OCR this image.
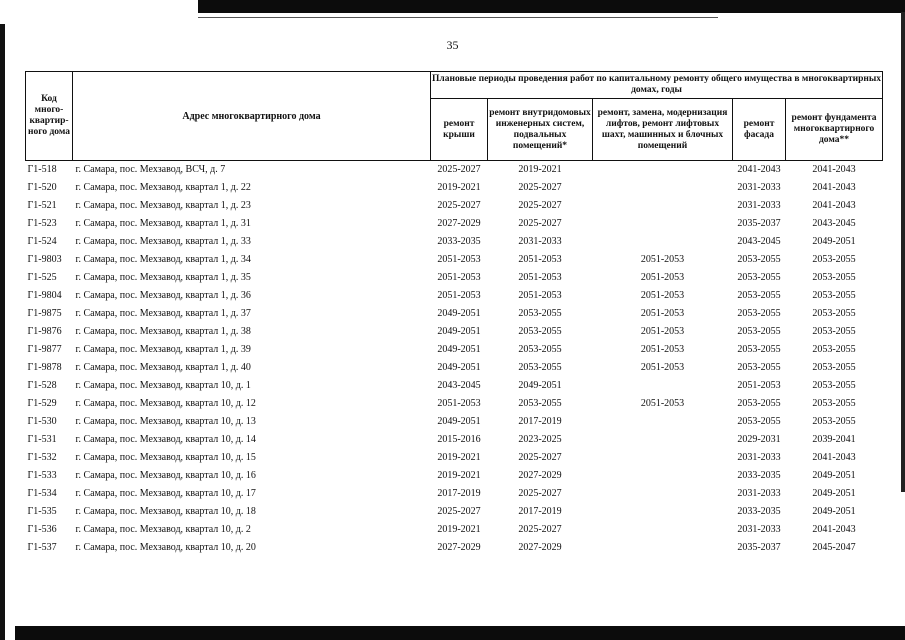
35
Код много-квартир-ного дома	Адрес многоквартирного дома	Плановые периоды проведения работ по капитальному ремонту общего имущества в многоквартирных домах, годы				
		ремонт крыши	ремонт внутридомовых инженерных систем, подвальных помещений*	ремонт, замена, модернизация лифтов, ремонт лифтовых шахт, машинных и блочных помещений	ремонт фасада	ремонт фундамента многоквартирного дома**
Г1-518	г. Самара, пос. Мехзавод, ВСЧ, д. 7	2025-2027	2019-2021		2041-2043	2041-2043
Г1-520	г. Самара, пос. Мехзавод, квартал 1, д. 22	2019-2021	2025-2027		2031-2033	2041-2043
Г1-521	г. Самара, пос. Мехзавод, квартал 1, д. 23	2025-2027	2025-2027		2031-2033	2041-2043
Г1-523	г. Самара, пос. Мехзавод, квартал 1, д. 31	2027-2029	2025-2027		2035-2037	2043-2045
Г1-524	г. Самара, пос. Мехзавод, квартал 1, д. 33	2033-2035	2031-2033		2043-2045	2049-2051
Г1-9803	г. Самара, пос. Мехзавод, квартал 1, д. 34	2051-2053	2051-2053	2051-2053	2053-2055	2053-2055
Г1-525	г. Самара, пос. Мехзавод, квартал 1, д. 35	2051-2053	2051-2053	2051-2053	2053-2055	2053-2055
Г1-9804	г. Самара, пос. Мехзавод, квартал 1, д. 36	2051-2053	2051-2053	2051-2053	2053-2055	2053-2055
Г1-9875	г. Самара, пос. Мехзавод, квартал 1, д. 37	2049-2051	2053-2055	2051-2053	2053-2055	2053-2055
Г1-9876	г. Самара, пос. Мехзавод, квартал 1, д. 38	2049-2051	2053-2055	2051-2053	2053-2055	2053-2055
Г1-9877	г. Самара, пос. Мехзавод, квартал 1, д. 39	2049-2051	2053-2055	2051-2053	2053-2055	2053-2055
Г1-9878	г. Самара, пос. Мехзавод, квартал 1, д. 40	2049-2051	2053-2055	2051-2053	2053-2055	2053-2055
Г1-528	г. Самара, пос. Мехзавод, квартал 10, д. 1	2043-2045	2049-2051		2051-2053	2053-2055
Г1-529	г. Самара, пос. Мехзавод, квартал 10, д. 12	2051-2053	2053-2055	2051-2053	2053-2055	2053-2055
Г1-530	г. Самара, пос. Мехзавод, квартал 10, д. 13	2049-2051	2017-2019		2053-2055	2053-2055
Г1-531	г. Самара, пос. Мехзавод, квартал 10, д. 14	2015-2016	2023-2025		2029-2031	2039-2041
Г1-532	г. Самара, пос. Мехзавод, квартал 10, д. 15	2019-2021	2025-2027		2031-2033	2041-2043
Г1-533	г. Самара, пос. Мехзавод, квартал 10, д. 16	2019-2021	2027-2029		2033-2035	2049-2051
Г1-534	г. Самара, пос. Мехзавод, квартал 10, д. 17	2017-2019	2025-2027		2031-2033	2049-2051
Г1-535	г. Самара, пос. Мехзавод, квартал 10, д. 18	2025-2027	2017-2019		2033-2035	2049-2051
Г1-536	г. Самара, пос. Мехзавод, квартал 10, д. 2	2019-2021	2025-2027		2031-2033	2041-2043
Г1-537	г. Самара, пос. Мехзавод, квартал 10, д. 20	2027-2029	2027-2029		2035-2037	2045-2047
